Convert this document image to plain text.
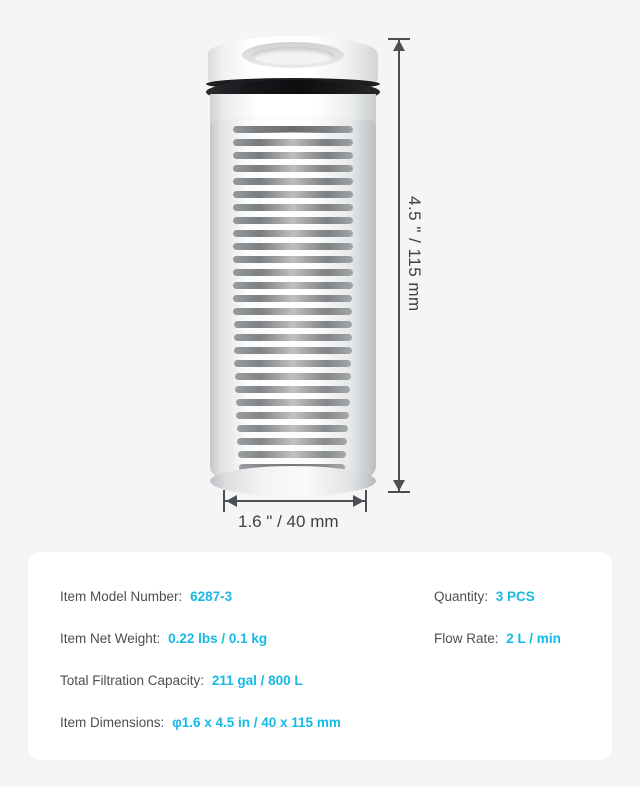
4.5 " / 115 mm
1.6 " / 40 mm
Item Model Number: 6287-3
Item Net Weight: 0.22 lbs / 0.1 kg
Total Filtration Capacity: 211 gal / 800 L
Item Dimensions: φ1.6 x 4.5 in / 40 x 115 mm
Quantity: 3 PCS
Flow Rate: 2 L / min
